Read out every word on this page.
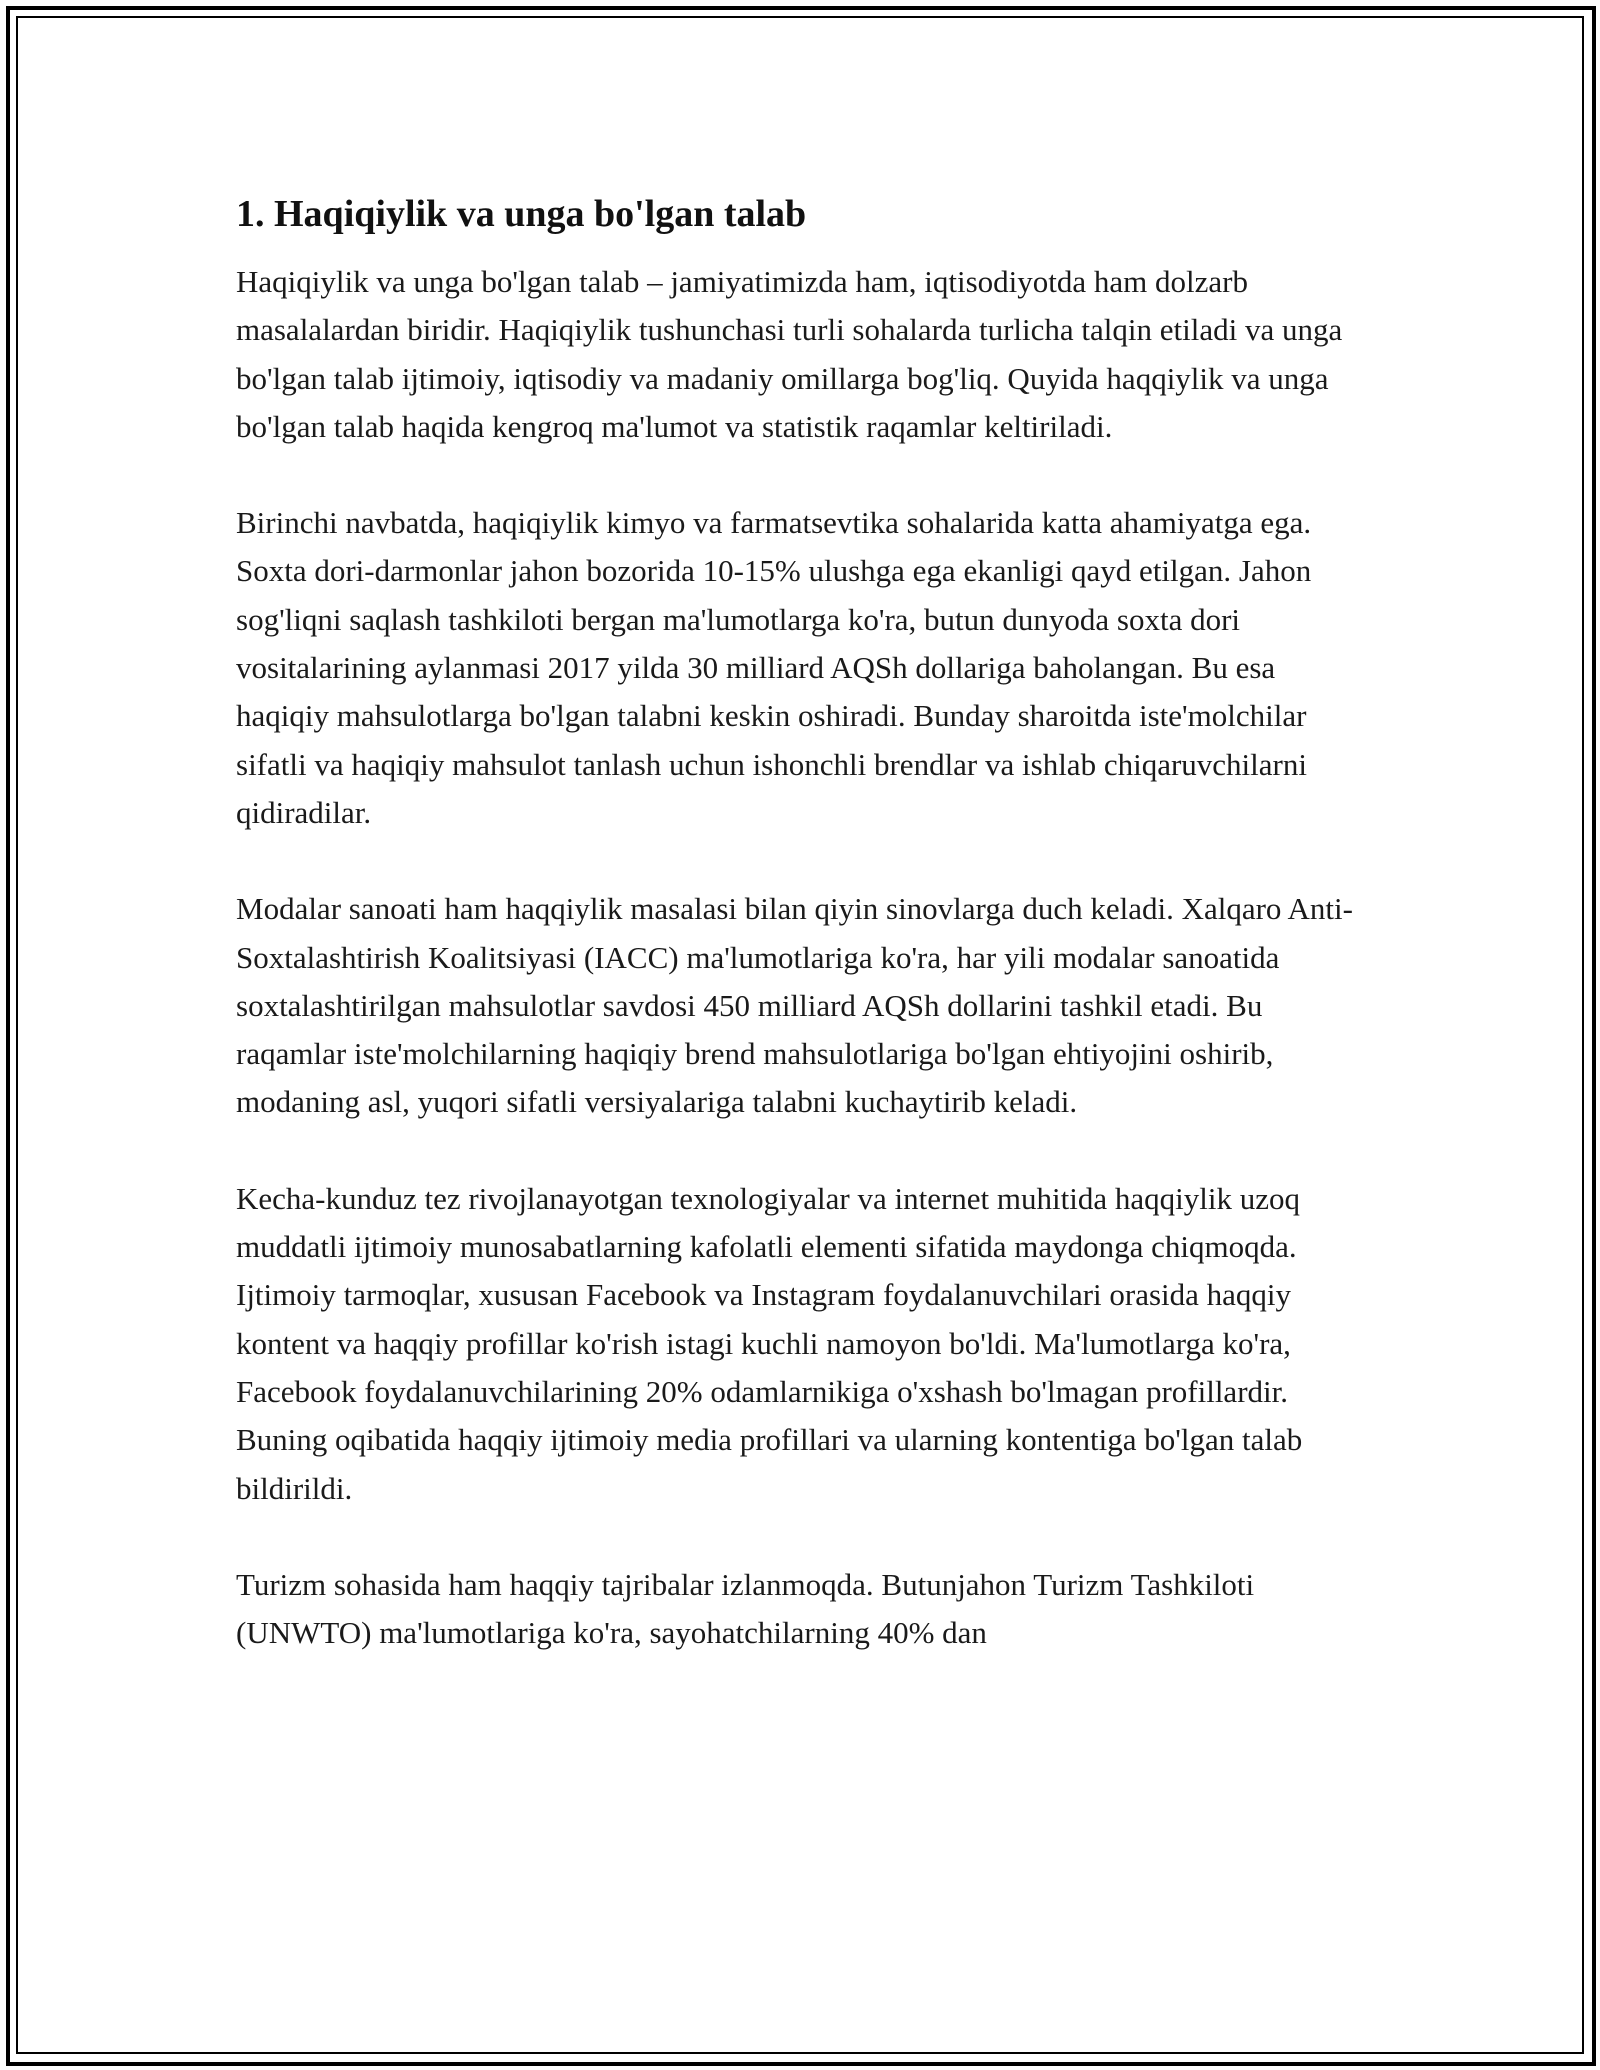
1. Haqiqiylik va unga bo'lgan talab

Haqiqiylik va unga bo'lgan talab – jamiyatimizda ham, iqtisodiyotda ham dolzarb masalalardan biridir. Haqiqiylik tushunchasi turli sohalarda turlicha talqin etiladi va unga bo'lgan talab ijtimoiy, iqtisodiy va madaniy omillarga bog'liq. Quyida haqqiylik va unga bo'lgan talab haqida kengroq ma'lumot va statistik raqamlar keltiriladi.

Birinchi navbatda, haqiqiylik kimyo va farmatsevtika sohalarida katta ahamiyatga ega. Soxta dori-darmonlar jahon bozorida 10-15% ulushga ega ekanligi qayd etilgan. Jahon sog'liqni saqlash tashkiloti bergan ma'lumotlarga ko'ra, butun dunyoda soxta dori vositalarining aylanmasi 2017 yilda 30 milliard AQSh dollariga baholangan. Bu esa haqiqiy mahsulotlarga bo'lgan talabni keskin oshiradi. Bunday sharoitda iste'molchilar sifatli va haqiqiy mahsulot tanlash uchun ishonchli brendlar va ishlab chiqaruvchilarni qidiradilar.

Modalar sanoati ham haqqiylik masalasi bilan qiyin sinovlarga duch keladi. Xalqaro Anti-Soxtalashtirish Koalitsiyasi (IACC) ma'lumotlariga ko'ra, har yili modalar sanoatida soxtalashtirilgan mahsulotlar savdosi 450 milliard AQSh dollarini tashkil etadi. Bu raqamlar iste'molchilarning haqiqiy brend mahsulotlariga bo'lgan ehtiyojini oshirib, modaning asl, yuqori sifatli versiyalariga talabni kuchaytirib keladi.

Kecha-kunduz tez rivojlanayotgan texnologiyalar va internet muhitida haqqiylik uzoq muddatli ijtimoiy munosabatlarning kafolatli elementi sifatida maydonga chiqmoqda. Ijtimoiy tarmoqlar, xususan Facebook va Instagram foydalanuvchilari orasida haqqiy kontent va haqqiy profillar ko'rish istagi kuchli namoyon bo'ldi. Ma'lumotlarga ko'ra, Facebook foydalanuvchilarining 20% odamlarnikiga o'xshash bo'lmagan profillardir. Buning oqibatida haqqiy ijtimoiy media profillari va ularning kontentiga bo'lgan talab bildirildi.

Turizm sohasida ham haqqiy tajribalar izlanmoqda. Butunjahon Turizm Tashkiloti (UNWTO) ma'lumotlariga ko'ra, sayohatchilarning 40% dan
